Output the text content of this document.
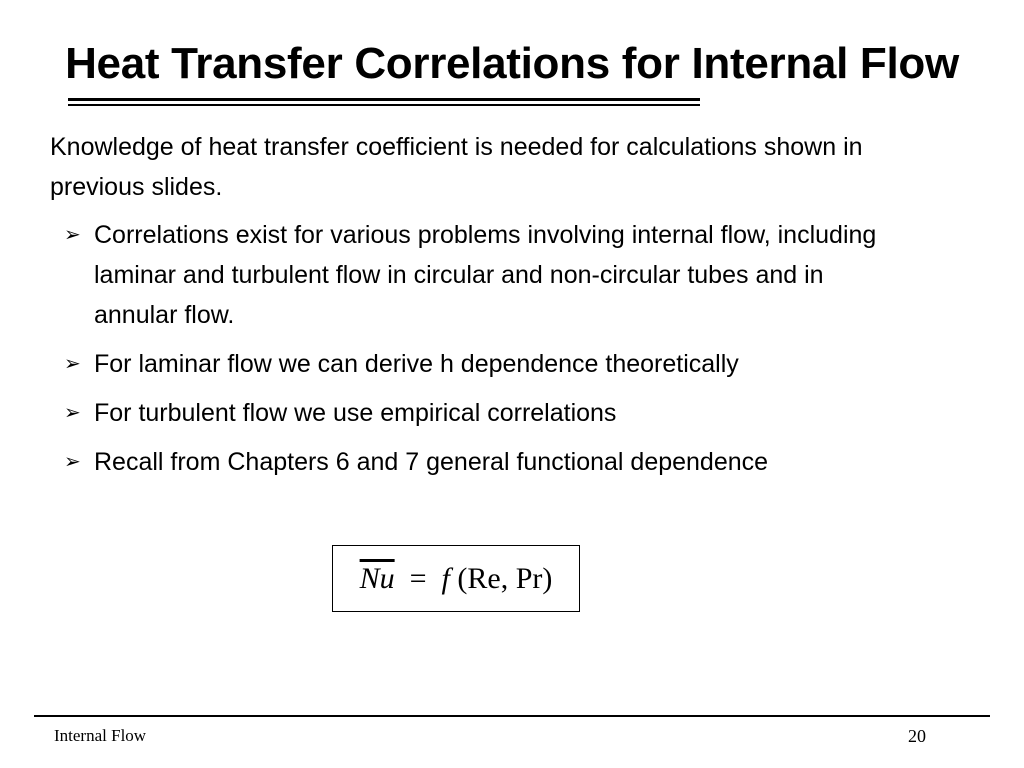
Heat Transfer Correlations for Internal Flow
Knowledge of heat transfer coefficient is needed for calculations shown in previous slides.
➢ Correlations exist for various problems involving internal flow, including laminar and turbulent flow in circular and non-circular tubes and in annular flow.
➢ For laminar flow we can derive h dependence theoretically
➢ For turbulent flow we use empirical correlations
➢ Recall from Chapters 6 and 7 general functional dependence
$\overline{Nu}$
=
f
(Re, Pr)
Internal Flow	20
